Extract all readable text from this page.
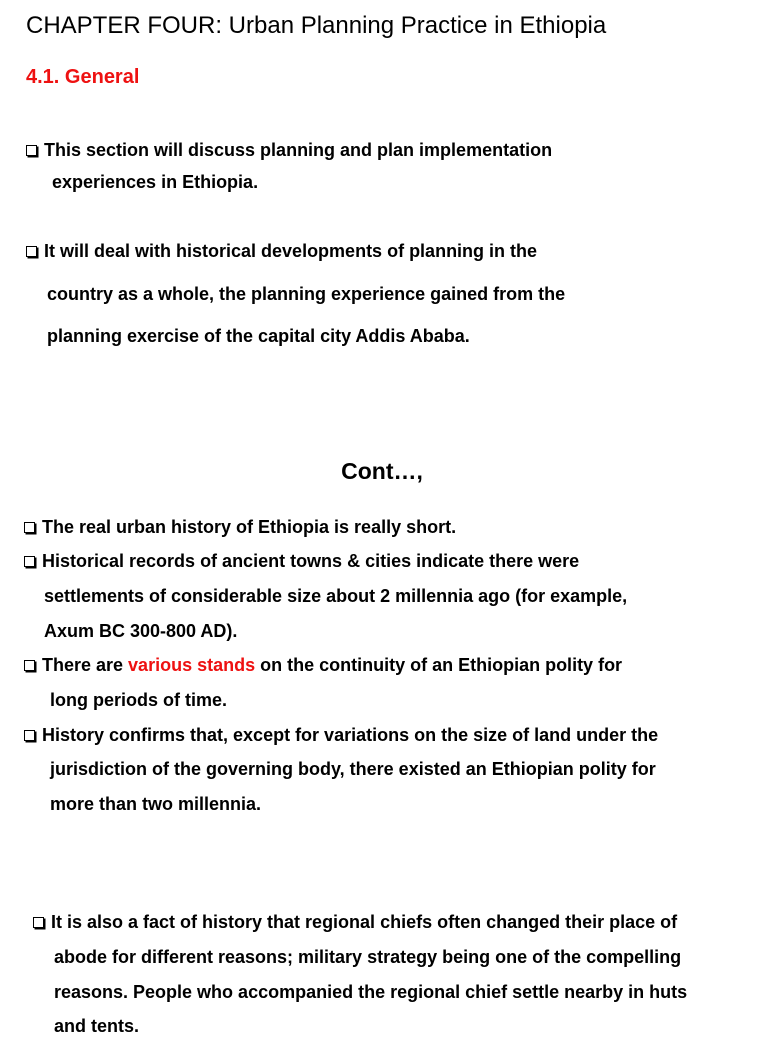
CHAPTER FOUR: Urban Planning Practice in Ethiopia
4.1. General
This section will discuss planning and plan implementation
experiences in Ethiopia.
It will deal with historical developments of planning in the
country as a whole, the planning experience gained from the
planning exercise of the capital city Addis Ababa.
Cont…,
The real urban history of Ethiopia is really short.
Historical records of ancient towns & cities indicate there were
settlements of considerable size about 2 millennia ago (for example,
Axum BC 300-800 AD).
There are various stands on the continuity of an Ethiopian polity for
long periods of time.
History confirms that, except for variations on the size of land under the
jurisdiction of the governing body, there existed an Ethiopian polity for
more than two millennia.
It is also a fact of history that regional chiefs often changed their place of
abode for different reasons; military strategy being one of the compelling
reasons. People who accompanied the regional chief settle nearby in huts
and tents.
